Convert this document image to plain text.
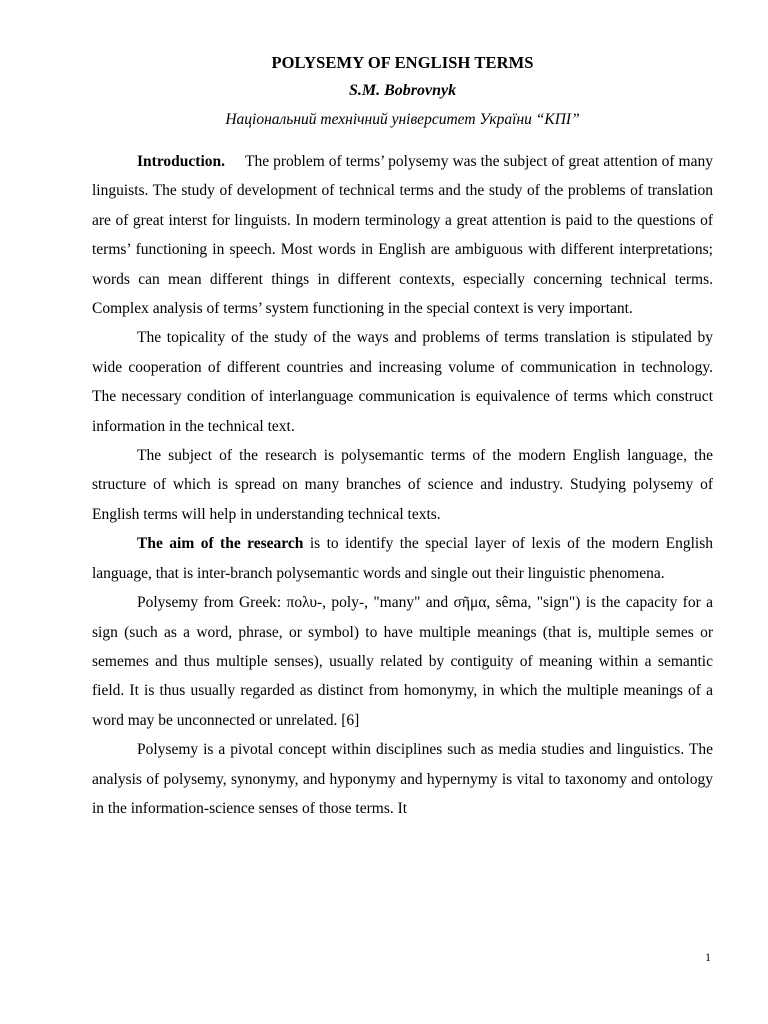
POLYSEMY OF ENGLISH TERMS

S.M. Bobrovnyk

Національний технічний університет України “КПІ”

Introduction. The problem of terms’ polysemy was the subject of great attention of many linguists. The study of development of technical terms and the study of the problems of translation are of great interst for linguists. In modern terminology a great attention is paid to the questions of terms’ functioning in speech. Most words in English are ambiguous with different interpretations; words can mean different things in different contexts, especially concerning technical terms. Complex analysis of terms’ system functioning in the special context is very important.

The topicality of the study of the ways and problems of terms translation is stipulated by wide cooperation of different countries and increasing volume of communication in technology. The necessary condition of interlanguage communication is equivalence of terms which construct information in the technical text.

The subject of the research is polysemantic terms of the modern English language, the structure of which is spread on many branches of science and industry. Studying polysemy of English terms will help in understanding technical texts.

The aim of the research is to identify the special layer of lexis of the modern English language, that is inter-branch polysemantic words and single out their linguistic phenomena.

Polysemy from Greek: πολυ-, poly-, "many" and σῆμα, sêma, "sign") is the capacity for a sign (such as a word, phrase, or symbol) to have multiple meanings (that is, multiple semes or sememes and thus multiple senses), usually related by contiguity of meaning within a semantic field. It is thus usually regarded as distinct from homonymy, in which the multiple meanings of a word may be unconnected or unrelated. [6]

Polysemy is a pivotal concept within disciplines such as media studies and linguistics. The analysis of polysemy, synonymy, and hyponymy and hypernymy is vital to taxonomy and ontology in the information-science senses of those terms. It

1
